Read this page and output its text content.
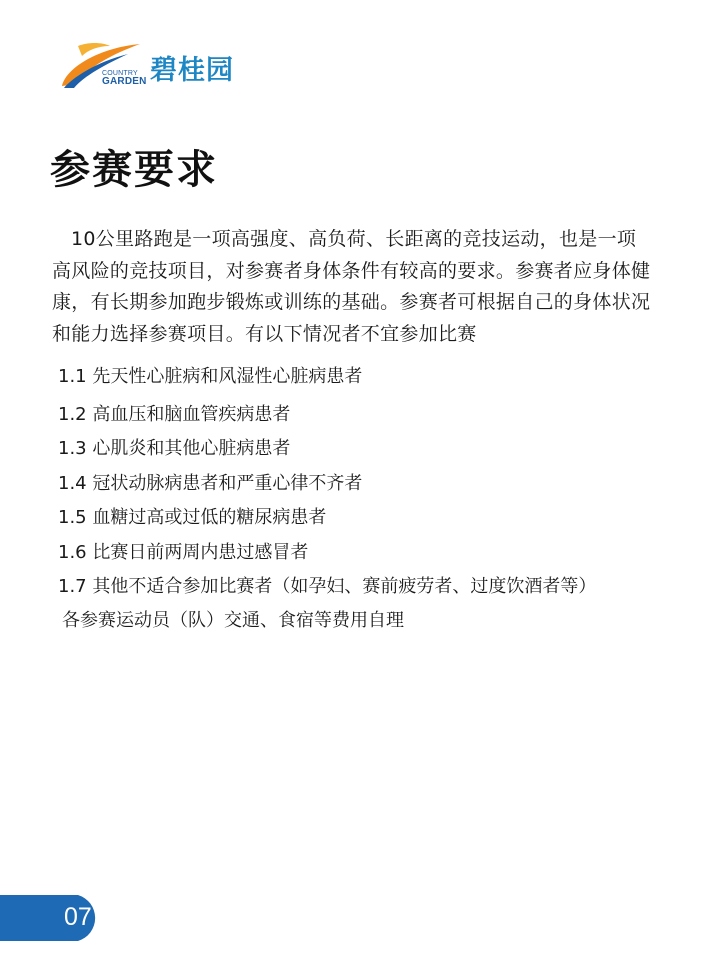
COUNTRY
GARDEN 碧桂园
参赛要求

10公里路跑是一项高强度、高负荷、长距离的竞技运动，也是一项高风险的竞技项目，对参赛者身体条件有较高的要求。参赛者应身体健康，有长期参加跑步锻炼或训练的基础。参赛者可根据自己的身体状况和能力选择参赛项目。有以下情况者不宜参加比赛

1.1 先天性心脏病和风湿性心脏病患者
1.2 高血压和脑血管疾病患者
1.3 心肌炎和其他心脏病患者
1.4 冠状动脉病患者和严重心律不齐者
1.5 血糖过高或过低的糖尿病患者
1.6 比赛日前两周内患过感冒者
1.7 其他不适合参加比赛者（如孕妇、赛前疲劳者、过度饮酒者等）

各参赛运动员（队）交通、食宿等费用自理

07
